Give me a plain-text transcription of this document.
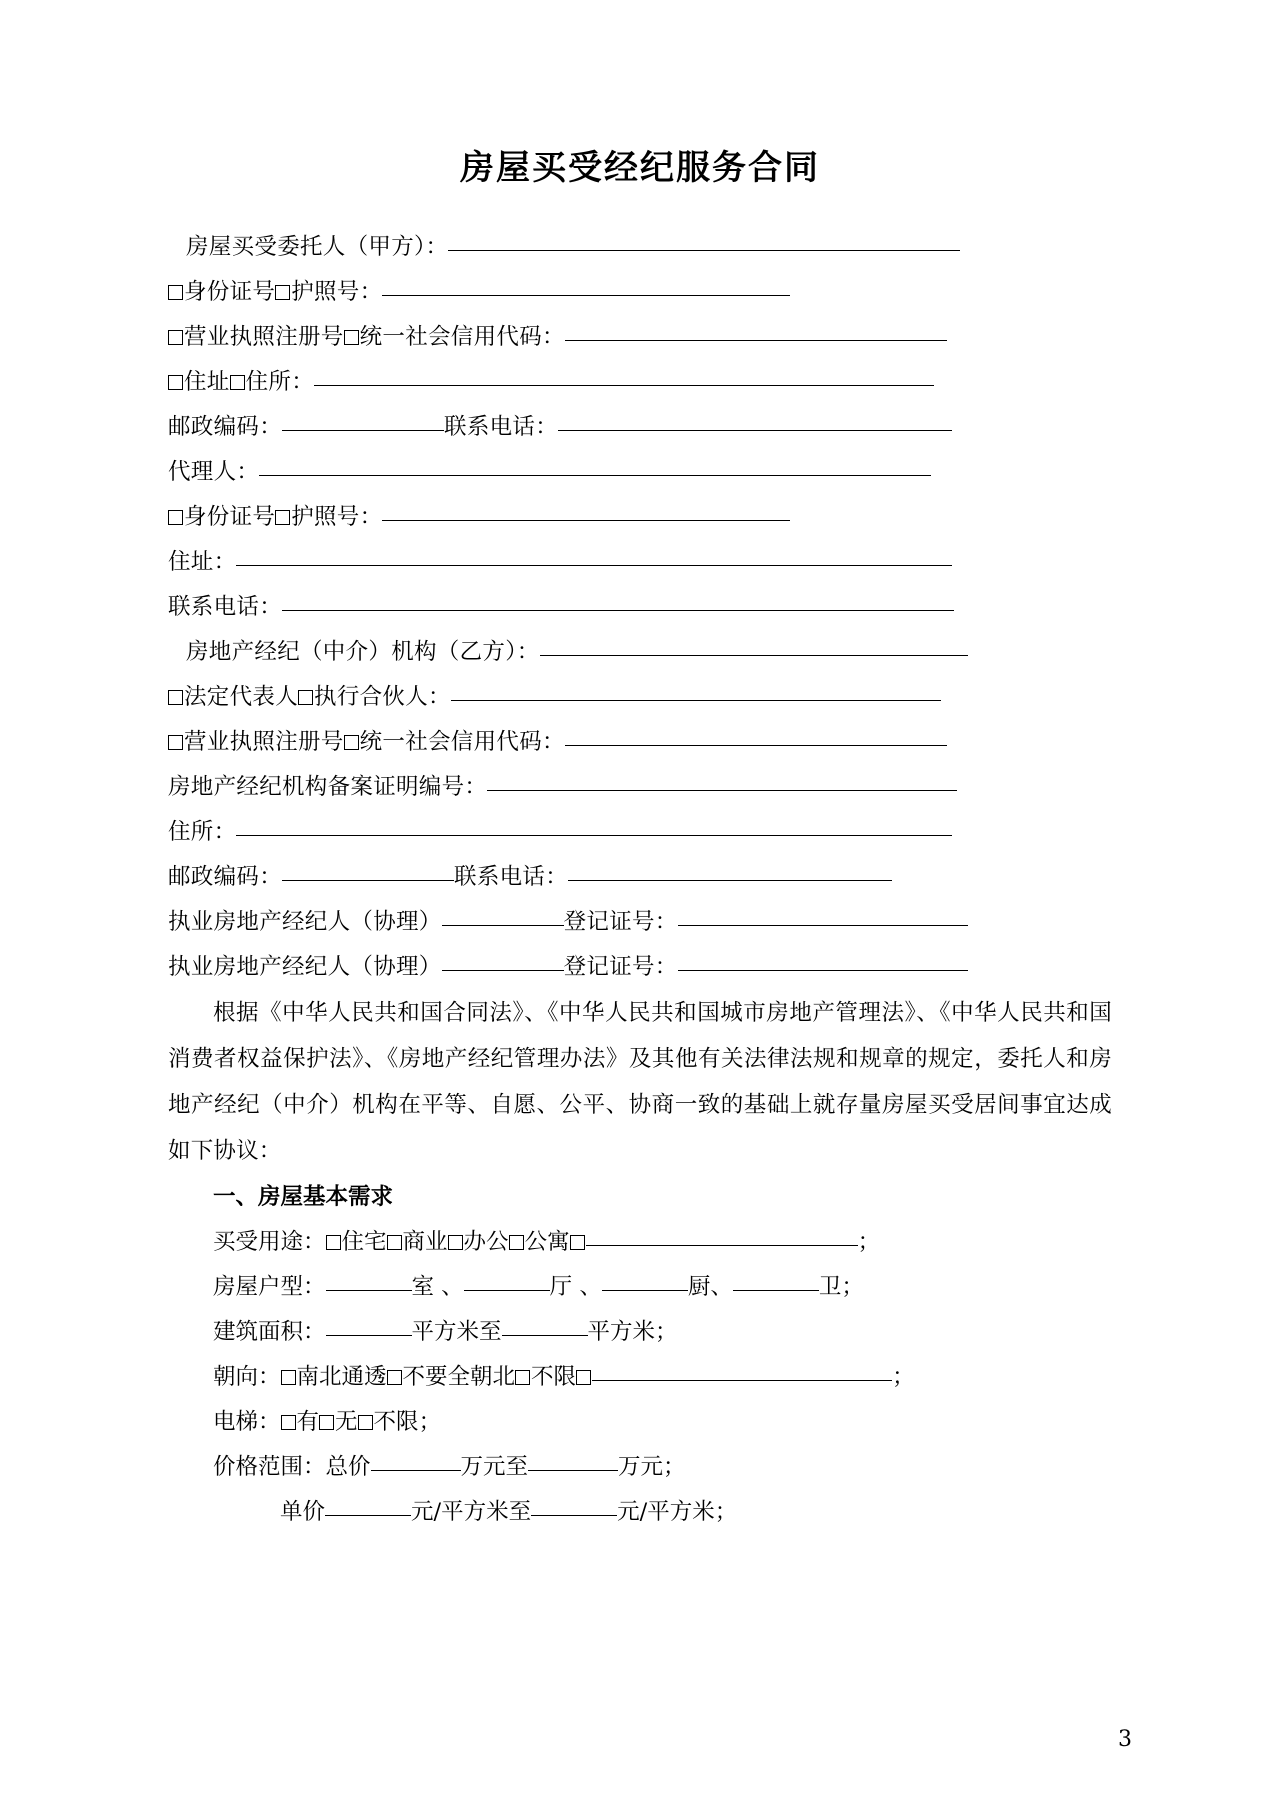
房屋买受经纪服务合同
房屋买受委托人（甲方）：
身份证号 护照号：
营业执照注册号 统一社会信用代码：
住址 住所：
邮政编码：	联系电话：
代理人：
身份证号 护照号：
住址：
联系电话：
房地产经纪（中介）机构（乙方）：
法定代表人 执行合伙人：
营业执照注册号 统一社会信用代码：
房地产经纪机构备案证明编号：
住所：
邮政编码：	联系电话：
执业房地产经纪人（协理）	登记证号：
执业房地产经纪人（协理）	登记证号：

根据《中华人民共和国合同法》、《中华人民共和国城市房地产管理法》、《中华人民共和国消费者权益保护法》、《房地产经纪管理办法》及其他有关法律法规和规章的规定，委托人和房地产经纪（中介）机构在平等、自愿、公平、协商一致的基础上就存量房屋买受居间事宜达成如下协议：

一、房屋基本需求
买受用途： 住宅 商业 办公 公寓	；
房屋户型：	室 、	厅 、	厨、	卫；
建筑面积：	平方米至	平方米；
朝向： 南北通透 不要全朝北 不限	；
电梯： 有 无 不限；
价格范围：总价	万元至	万元；
单价	元/平方米至	元/平方米；
3
